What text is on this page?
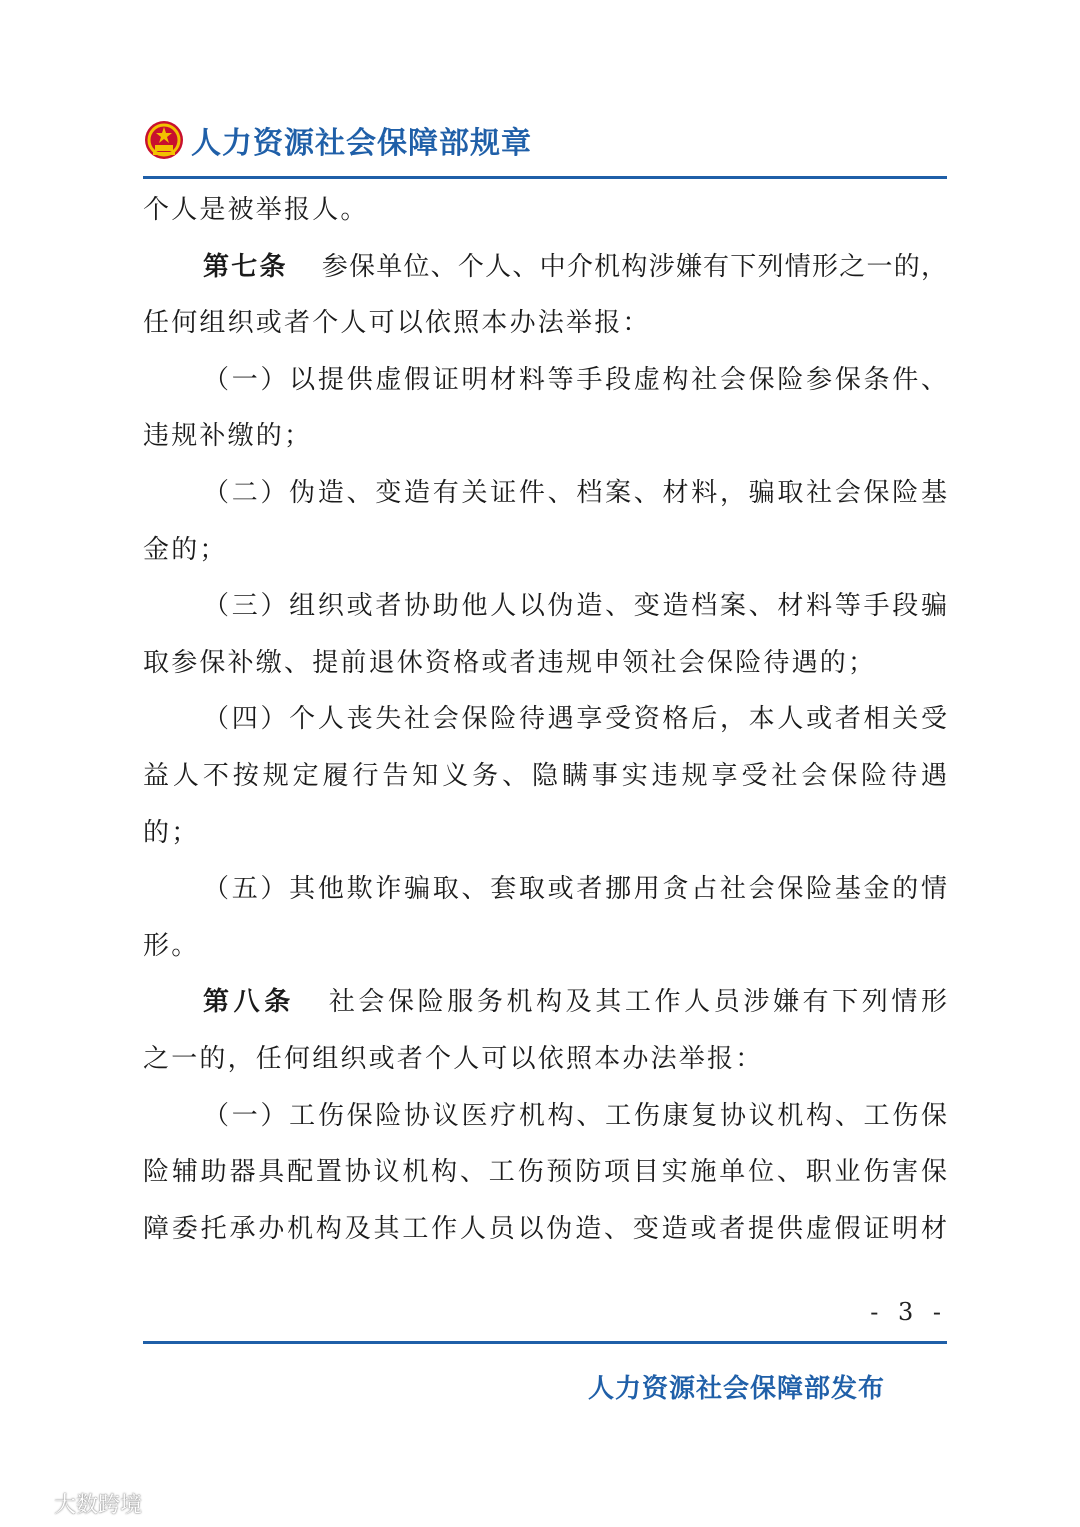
人力资源社会保障部规章
个人是被举报人。
第七条 参保单位、个人、中介机构涉嫌有下列情形之一的，
任何组织或者个人可以依照本办法举报：
（一）以提供虚假证明材料等手段虚构社会保险参保条件、
违规补缴的；
（二）伪造、变造有关证件、档案、材料，骗取社会保险基
金的；
（三）组织或者协助他人以伪造、变造档案、材料等手段骗
取参保补缴、提前退休资格或者违规申领社会保险待遇的；
（四）个人丧失社会保险待遇享受资格后，本人或者相关受
益人不按规定履行告知义务、隐瞒事实违规享受社会保险待遇
的；
（五）其他欺诈骗取、套取或者挪用贪占社会保险基金的情
形。
第八条 社会保险服务机构及其工作人员涉嫌有下列情形
之一的，任何组织或者个人可以依照本办法举报：
（一）工伤保险协议医疗机构、工伤康复协议机构、工伤保
险辅助器具配置协议机构、工伤预防项目实施单位、职业伤害保
障委托承办机构及其工作人员以伪造、变造或者提供虚假证明材
- 3 -
人力资源社会保障部发布
大数跨境
